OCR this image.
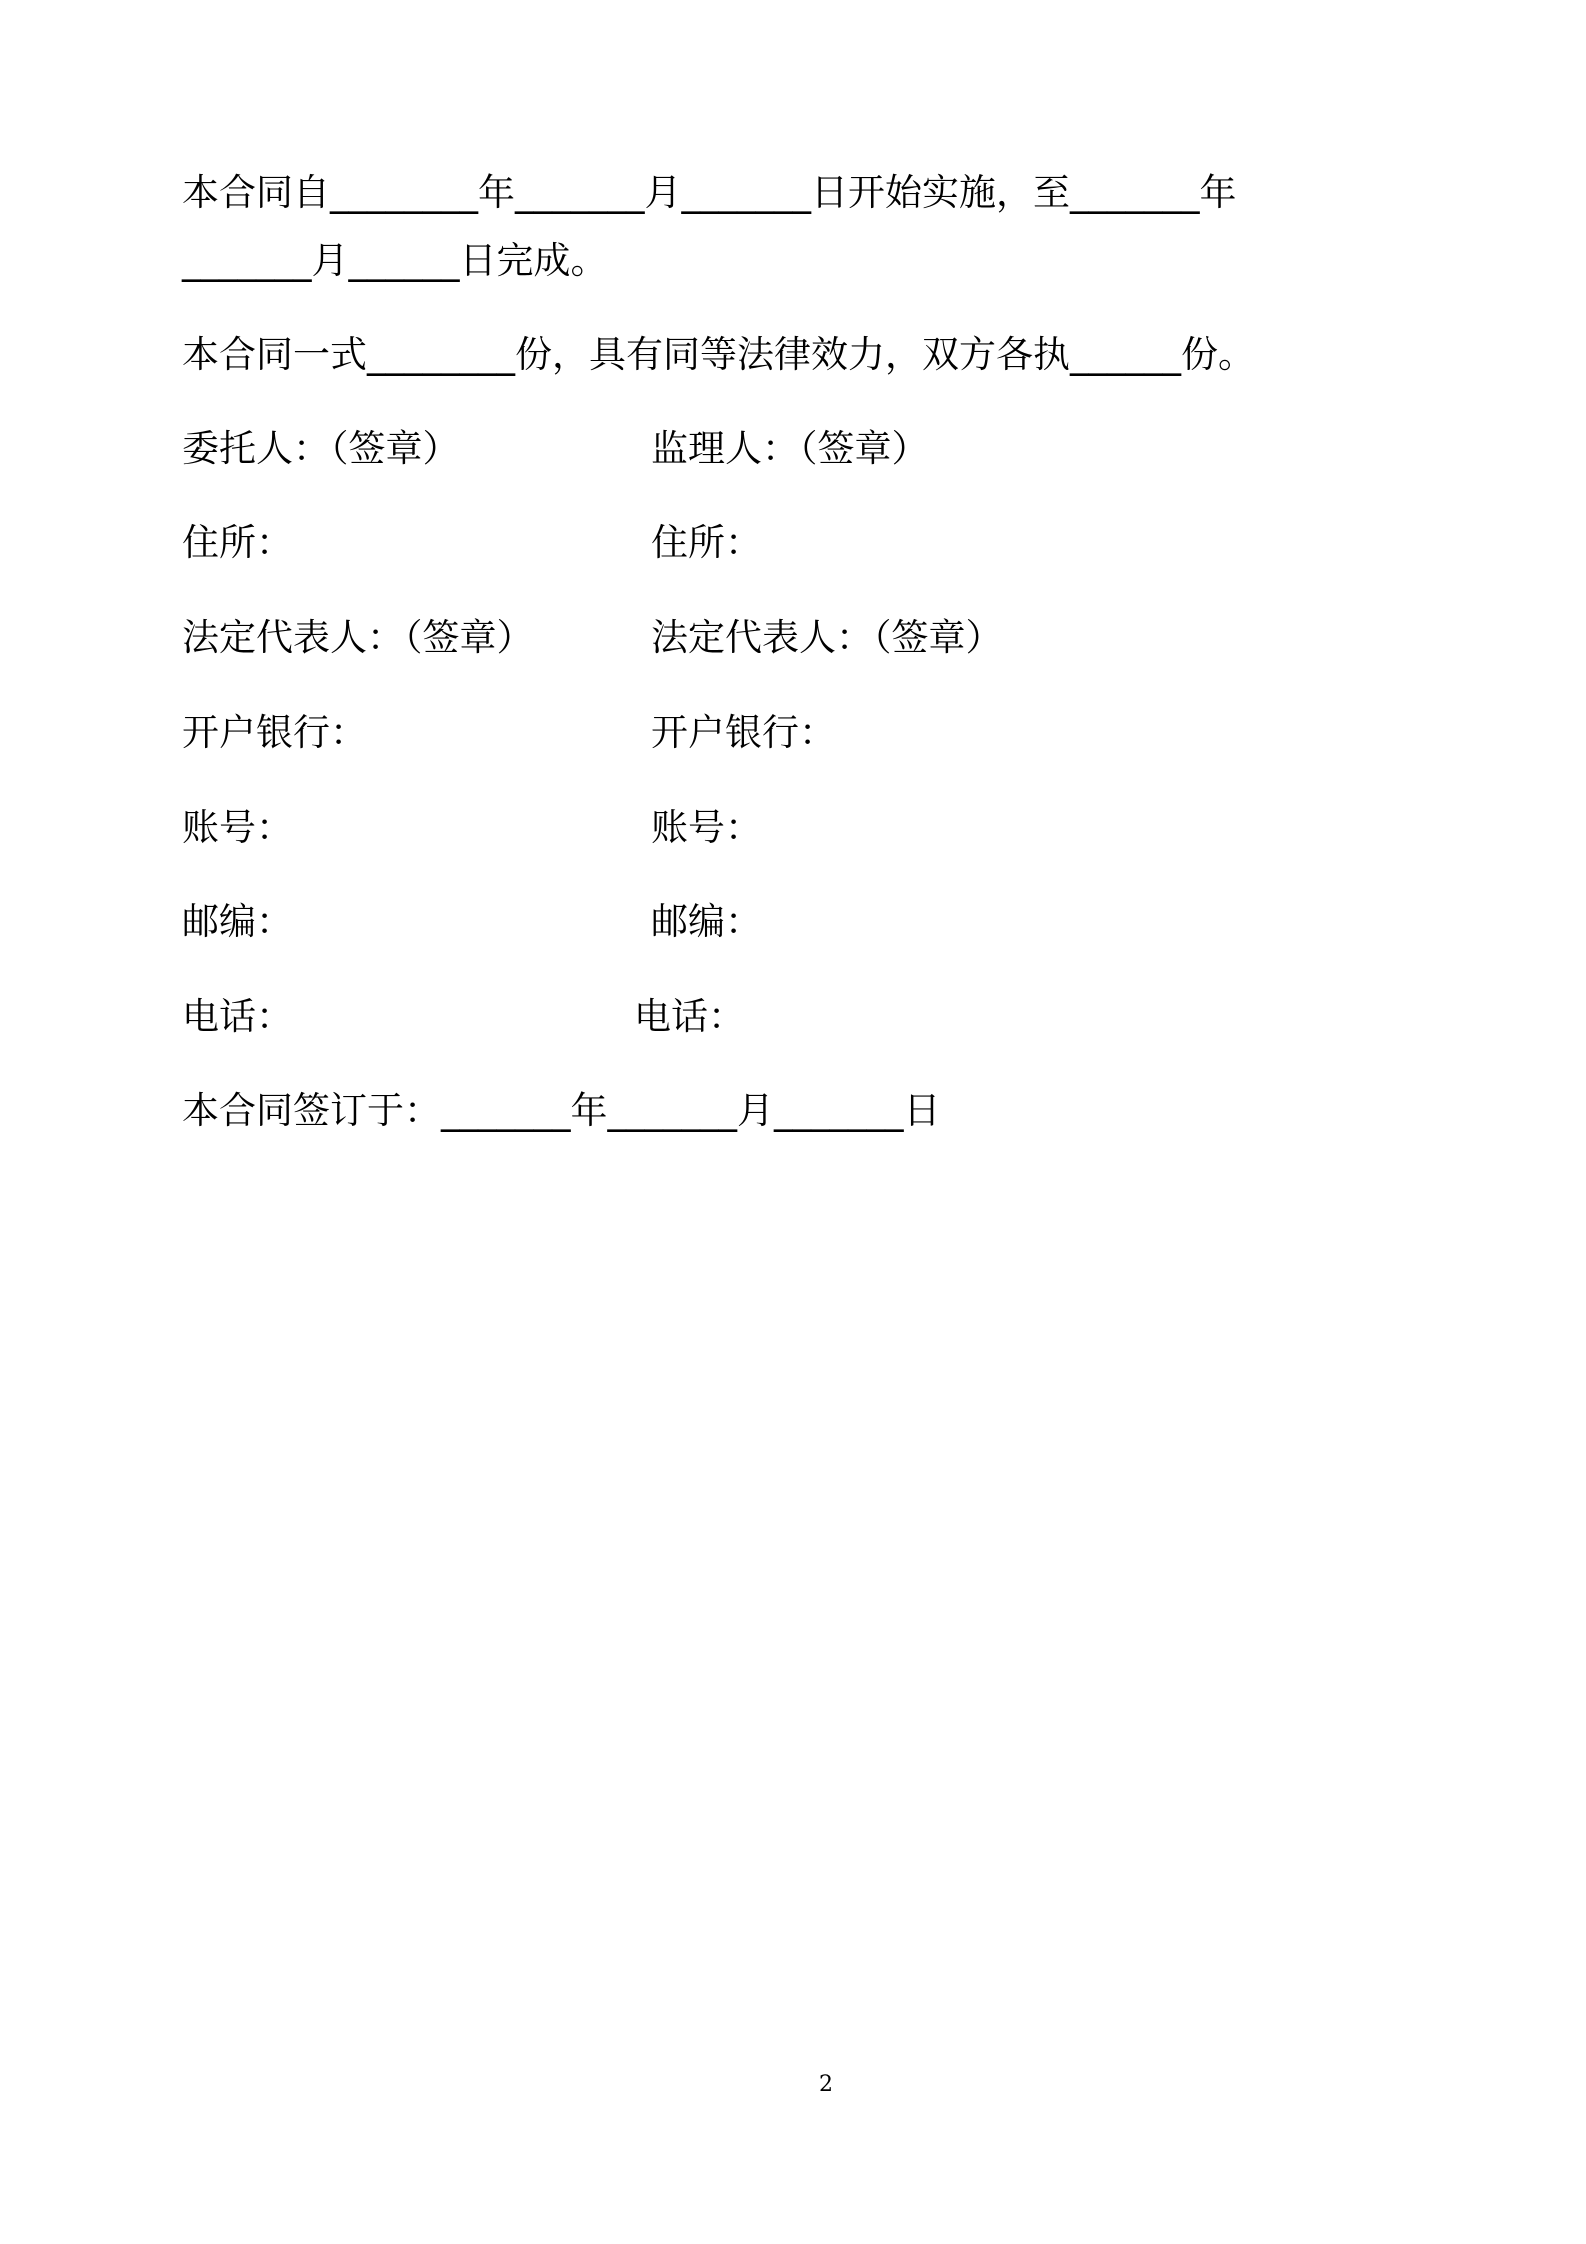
本合同自________年_______月_______日开始实施，至_______年
_______月______日完成。
本合同一式________份，具有同等法律效力，双方各执______份。
委托人：（签章）	监理人：（签章）
住所：	住所：
法定代表人：（签章）	法定代表人：（签章）
开户银行：	开户银行：
账号：	账号：
邮编：	邮编：
电话：	电话：
本合同签订于：_______年_______月_______日
2
